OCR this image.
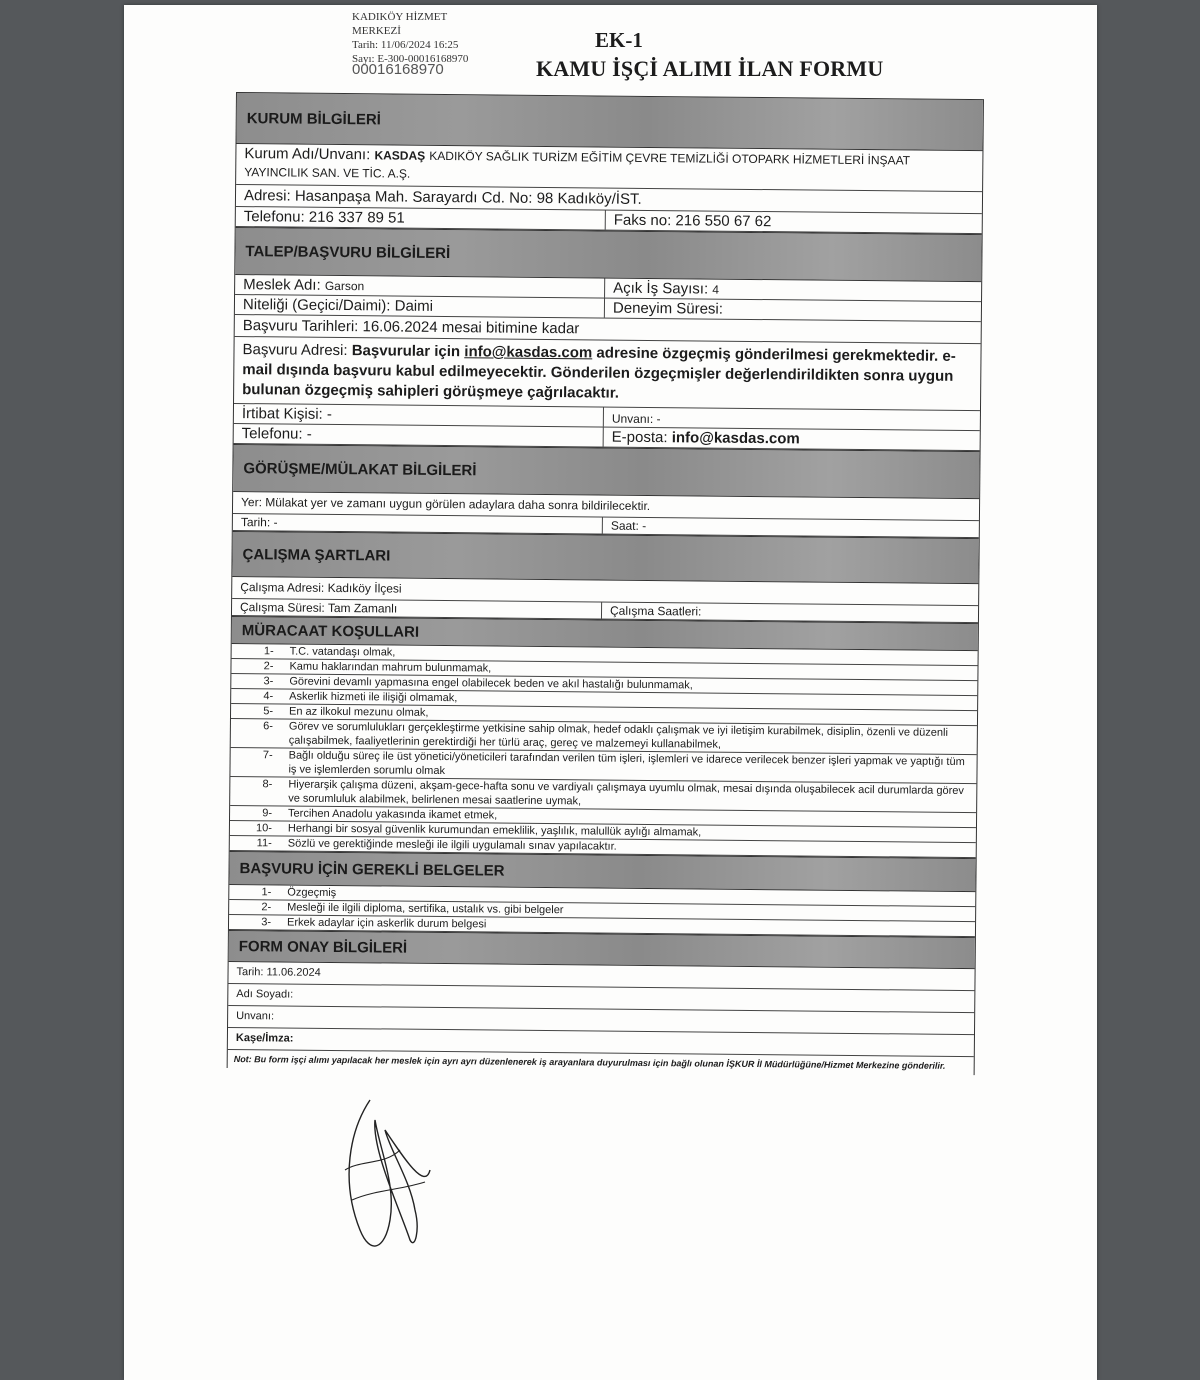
KADIKÖY HİZMET
MERKEZİ
Tarih: 11/06/2024 16:25
Sayı: E-300-00016168970
00016168970
EK-1
KAMU İŞÇİ ALIMI İLAN FORMU
KURUM BİLGİLERİ
Kurum Adı/Unvanı: KASDAŞ KADIKÖY SAĞLIK TURİZM EĞİTİM ÇEVRE TEMİZLİĞİ OTOPARK HİZMETLERİ İNŞAAT YAYINCILIK SAN. VE TİC. A.Ş.
Adresi: Hasanpaşa Mah. Sarayardı Cd. No: 98 Kadıköy/İST.
Telefonu: 216 337 89 51	Faks no: 216 550 67 62
TALEP/BAŞVURU BİLGİLERİ
Meslek Adı: Garson	Açık İş Sayısı: 4
Niteliği (Geçici/Daimi): Daimi	Deneyim Süresi:
Başvuru Tarihleri: 16.06.2024 mesai bitimine kadar
Başvuru Adresi: Başvurular için info@kasdas.com adresine özgeçmiş gönderilmesi gerekmektedir. e-mail dışında başvuru kabul edilmeyecektir. Gönderilen özgeçmişler değerlendirildikten sonra uygun bulunan özgeçmiş sahipleri görüşmeye çağrılacaktır.
İrtibat Kişisi: -	Unvanı: -
Telefonu: -	E-posta: info@kasdas.com
GÖRÜŞME/MÜLAKAT BİLGİLERİ
Yer: Mülakat yer ve zamanı uygun görülen adaylara daha sonra bildirilecektir.
Tarih: -	Saat: -
ÇALIŞMA ŞARTLARI
Çalışma Adresi: Kadıköy İlçesi
Çalışma Süresi: Tam Zamanlı	Çalışma Saatleri:
MÜRACAAT KOŞULLARI
1- T.C. vatandaşı olmak,
2- Kamu haklarından mahrum bulunmamak,
3- Görevini devamlı yapmasına engel olabilecek beden ve akıl hastalığı bulunmamak,
4- Askerlik hizmeti ile ilişiği olmamak,
5- En az ilkokul mezunu olmak,
6- Görev ve sorumlulukları gerçekleştirme yetkisine sahip olmak, hedef odaklı çalışmak ve iyi iletişim kurabilmek, disiplin, özenli ve düzenli çalışabilmek, faaliyetlerinin gerektirdiği her türlü araç, gereç ve malzemeyi kullanabilmek,
7- Bağlı olduğu süreç ile üst yönetici/yöneticileri tarafından verilen tüm işleri, işlemleri ve idarece verilecek benzer işleri yapmak ve yaptığı tüm iş ve işlemlerden sorumlu olmak
8- Hiyerarşik çalışma düzeni, akşam-gece-hafta sonu ve vardiyalı çalışmaya uyumlu olmak, mesai dışında oluşabilecek acil durumlarda görev ve sorumluluk alabilmek, belirlenen mesai saatlerine uymak,
9- Tercihen Anadolu yakasında ikamet etmek,
10- Herhangi bir sosyal güvenlik kurumundan emeklilik, yaşlılık, malullük aylığı almamak,
11- Sözlü ve gerektiğinde mesleği ile ilgili uygulamalı sınav yapılacaktır.
BAŞVURU İÇİN GEREKLİ BELGELER
1- Özgeçmiş
2- Mesleği ile ilgili diploma, sertifika, ustalık vs. gibi belgeler
3- Erkek adaylar için askerlik durum belgesi
FORM ONAY BİLGİLERİ
Tarih: 11.06.2024
Adı Soyadı:
Unvanı:
Kaşe/İmza:
Not: Bu form işçi alımı yapılacak her meslek için ayrı ayrı düzenlenerek iş arayanlara duyurulması için bağlı olunan İŞKUR İl Müdürlüğüne/Hizmet Merkezine gönderilir.
